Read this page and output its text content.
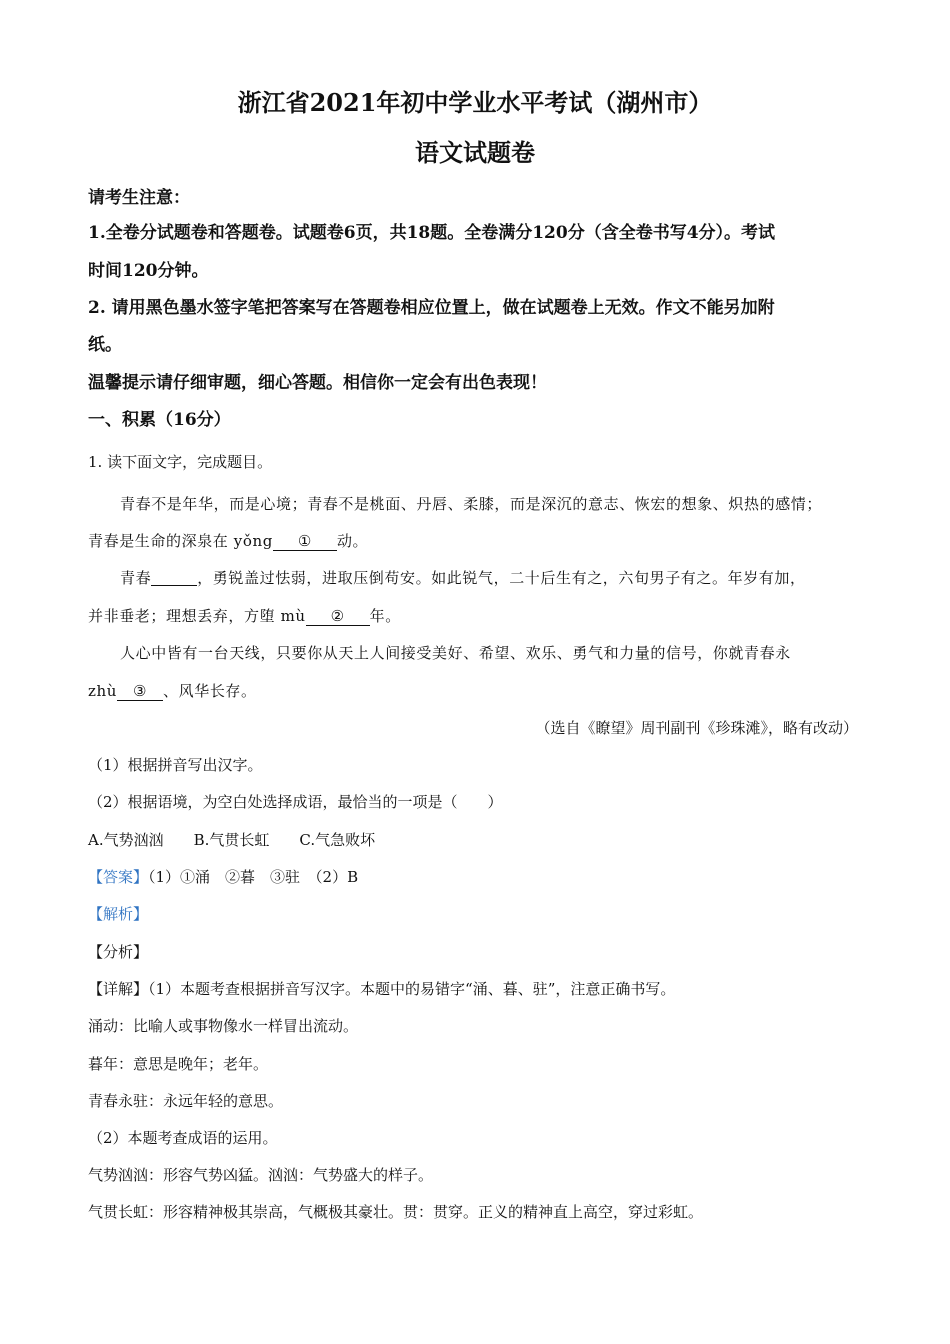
浙江省2021年初中学业水平考试（湖州市）
语文试题卷
请考生注意：
1.全卷分试题卷和答题卷。试题卷6页，共18题。全卷满分120分（含全卷书写4分）。考试
时间120分钟。
2. 请用黑色墨水签字笔把答案写在答题卷相应位置上，做在试题卷上无效。作文不能另加附
纸。
温馨提示请仔细审题，细心答题。相信你一定会有出色表现！
一、积累（16分）
1. 读下面文字，完成题目。
青春不是年华，而是心境；青春不是桃面、丹唇、柔膝，而是深沉的意志、恢宏的想象、炽热的感情；
青春是生命的深泉在 yǒng ① 动。
青春	，勇锐盖过怯弱，进取压倒苟安。如此锐气，二十后生有之，六旬男子有之。年岁有加，
并非垂老；理想丢弃，方堕 mù ② 年。
人心中皆有一台天线，只要你从天上人间接受美好、希望、欢乐、勇气和力量的信号，你就青春永
zhù ③ 、风华长存。
（选自《瞭望》周刊副刊《珍珠滩》，略有改动）
（1）根据拼音写出汉字。
（2）根据语境，为空白处选择成语，最恰当的一项是（　　）
A.气势汹汹　　B.气贯长虹　　C.气急败坏
【答案】（1）①涌　②暮　③驻　（2）B
【解析】
【分析】
【详解】（1）本题考查根据拼音写汉字。本题中的易错字“涌、暮、驻”，注意正确书写。
涌动：比喻人或事物像水一样冒出流动。
暮年：意思是晚年；老年。
青春永驻：永远年轻的意思。
（2）本题考查成语的运用。
气势汹汹：形容气势凶猛。汹汹：气势盛大的样子。
气贯长虹：形容精神极其崇高，气概极其豪壮。贯：贯穿。正义的精神直上高空，穿过彩虹。
